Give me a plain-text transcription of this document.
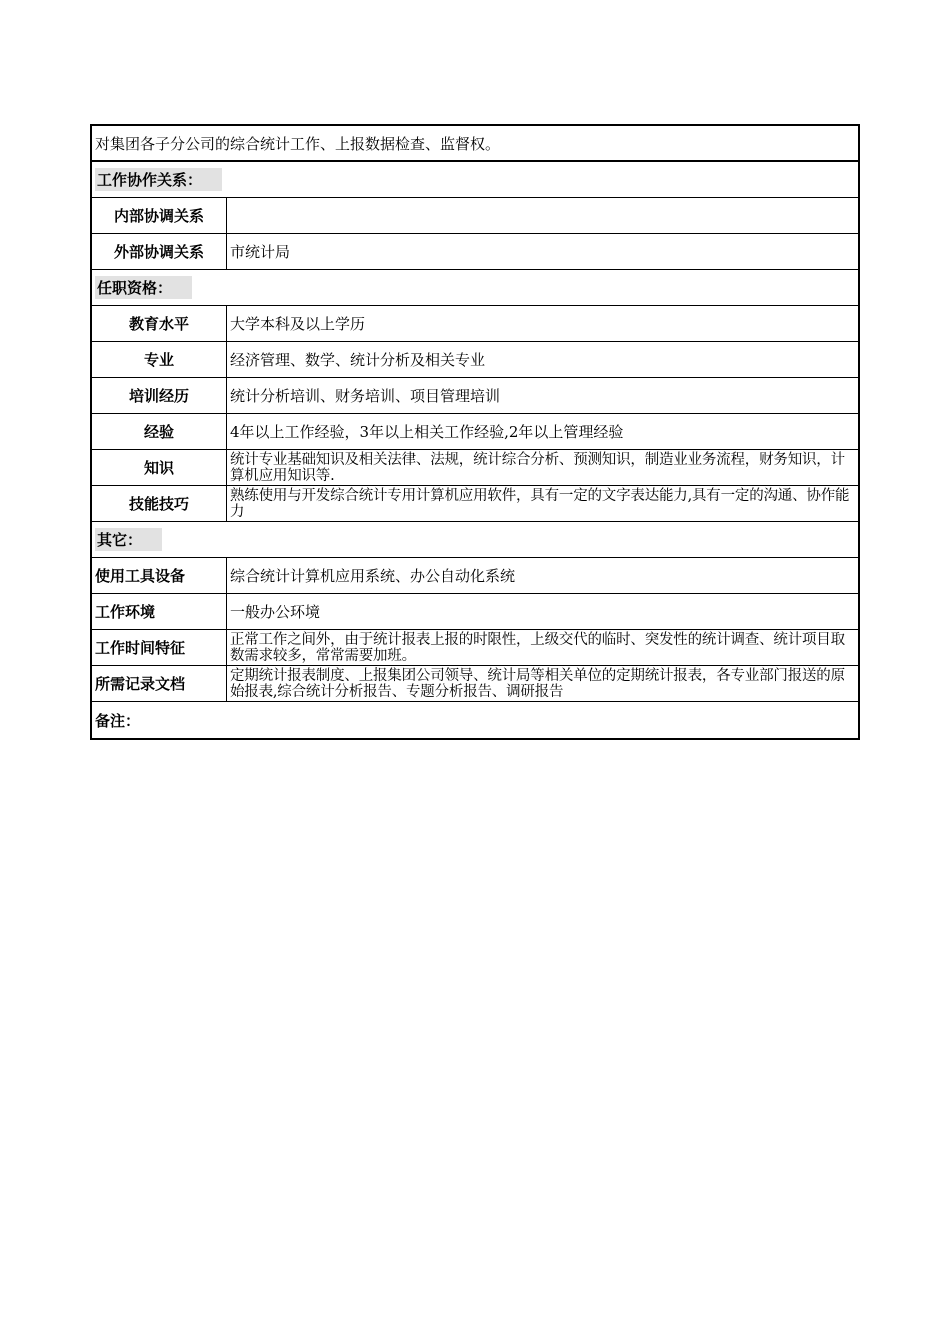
对集团各子分公司的综合统计工作、上报数据检查、监督权。
工作协作关系：
内部协调关系
外部协调关系	市统计局
任职资格：
教育水平	大学本科及以上学历
专业	经济管理、数学、统计分析及相关专业
培训经历	统计分析培训、财务培训、项目管理培训
经验	4年以上工作经验，3年以上相关工作经验,2年以上管理经验
知识	统计专业基础知识及相关法律、法规，统计综合分析、预测知识，制造业业务流程，财务知识，计算机应用知识等.
技能技巧	熟练使用与开发综合统计专用计算机应用软件，具有一定的文字表达能力,具有一定的沟通、协作能力
其它：
使用工具设备	综合统计计算机应用系统、办公自动化系统
工作环境	一般办公环境
工作时间特征	正常工作之间外，由于统计报表上报的时限性，上级交代的临时、突发性的统计调查、统计项目取数需求较多，常常需要加班。
所需记录文档	定期统计报表制度、上报集团公司领导、统计局等相关单位的定期统计报表，各专业部门报送的原始报表,综合统计分析报告、专题分析报告、调研报告
备注：
